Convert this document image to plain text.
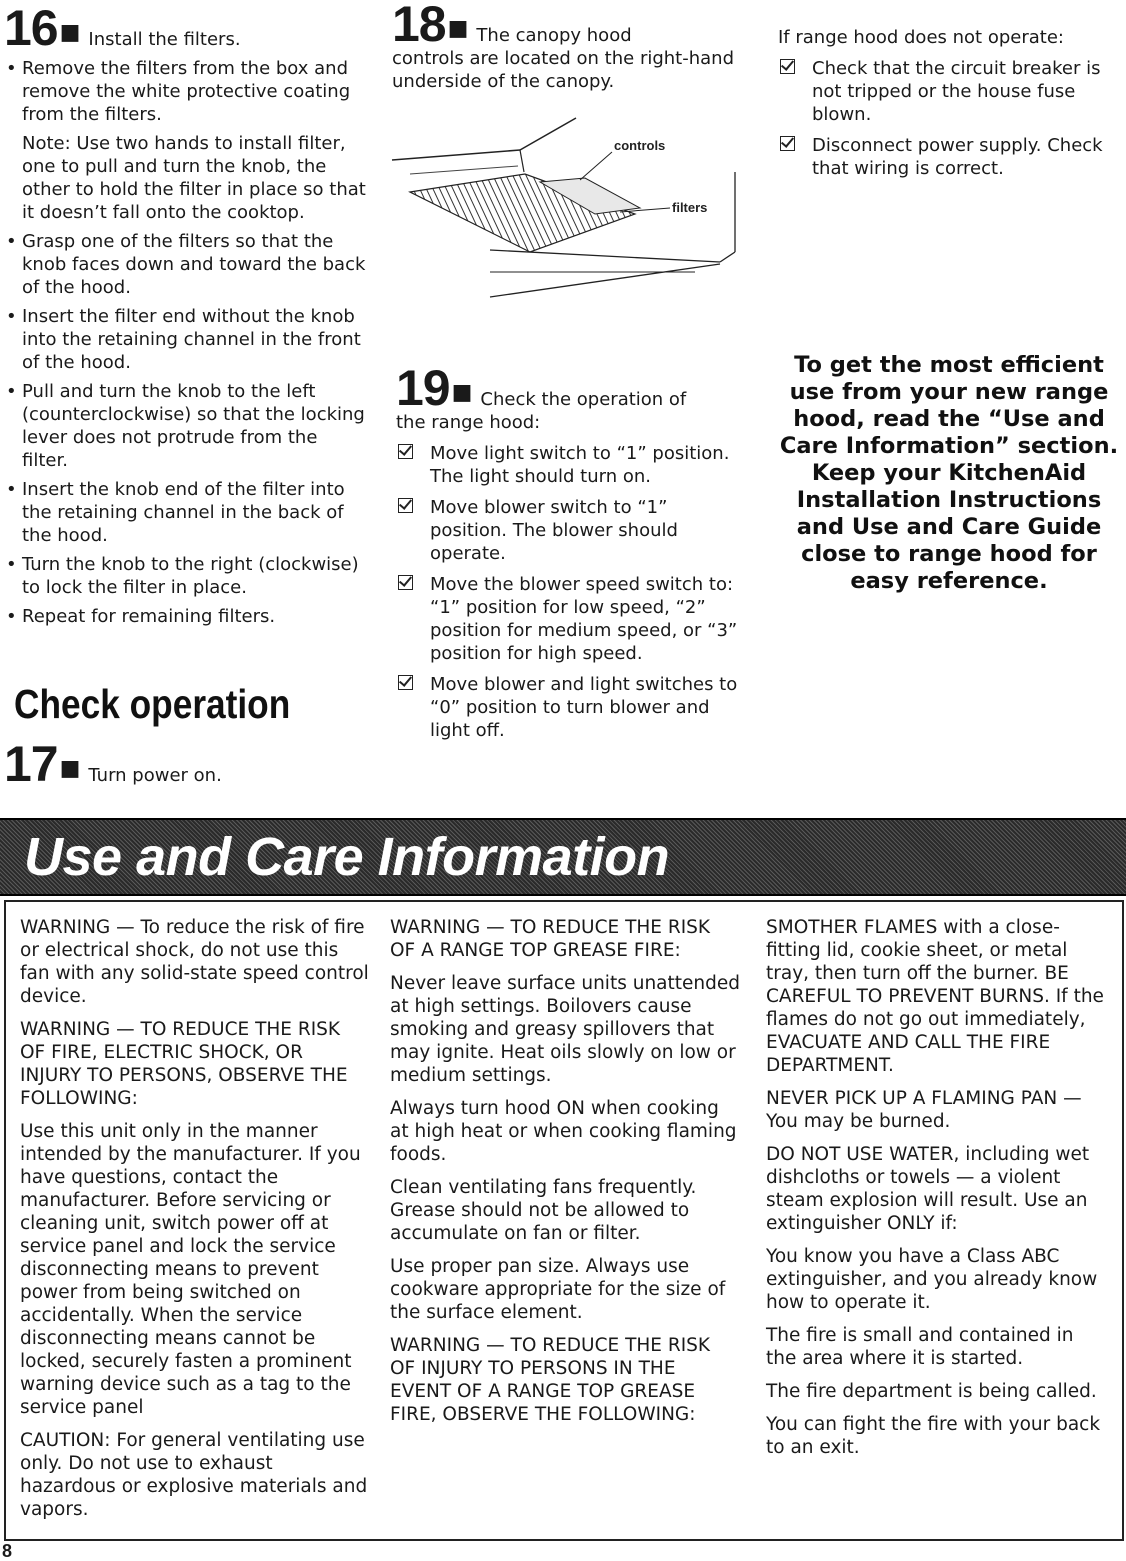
16■ Install the filters.
• Remove the filters from the box and remove the white protective coating from the filters.
Note: Use two hands to install filter, one to pull and turn the knob, the other to hold the filter in place so that it doesn’t fall onto the cooktop.
• Grasp one of the filters so that the knob faces down and toward the back of the hood.
• Insert the filter end without the knob into the retaining channel in the front of the hood.
• Pull and turn the knob to the left (counterclockwise) so that the locking lever does not protrude from the filter.
• Insert the knob end of the filter into the retaining channel in the back of the hood.
• Turn the knob to the right (clockwise) to lock the filter in place.
• Repeat for remaining filters.
Check operation
17■ Turn power on.
18■ The canopy hood
controls are located on the right-hand underside of the canopy.
controls
filters
19■ Check the operation of
the range hood:
Move light switch to “1” position. The light should turn on.
Move blower switch to “1” position. The blower should operate.
Move the blower speed switch to: “1” position for low speed, “2” position for medium speed, or “3” position for high speed.
Move blower and light switches to “0” position to turn blower and light off.
If range hood does not operate:
Check that the circuit breaker is not tripped or the house fuse blown.
Disconnect power supply. Check that wiring is correct.
To get the most efficient use from your new range hood, read the “Use and Care Information” section. Keep your KitchenAid Installation Instructions and Use and Care Guide close to range hood for easy reference.
Use and Care Information

WARNING — To reduce the risk of fire or electrical shock, do not use this fan with any solid-state speed control device.

WARNING — TO REDUCE THE RISK OF FIRE, ELECTRIC SHOCK, OR INJURY TO PERSONS, OBSERVE THE FOLLOWING:

Use this unit only in the manner intended by the manufacturer. If you have questions, contact the manufacturer. Before servicing or cleaning unit, switch power off at service panel and lock the service disconnecting means to prevent power from being switched on accidentally. When the service disconnecting means cannot be locked, securely fasten a prominent warning device such as a tag to the service panel

CAUTION: For general ventilating use only. Do not use to exhaust hazardous or explosive materials and vapors.

WARNING — TO REDUCE THE RISK OF A RANGE TOP GREASE FIRE:

Never leave surface units unattended at high settings. Boilovers cause smoking and greasy spillovers that may ignite. Heat oils slowly on low or medium settings.

Always turn hood ON when cooking at high heat or when cooking flaming foods.

Clean ventilating fans frequently. Grease should not be allowed to accumulate on fan or filter.

Use proper pan size. Always use cookware appropriate for the size of the surface element.

WARNING — TO REDUCE THE RISK OF INJURY TO PERSONS IN THE EVENT OF A RANGE TOP GREASE FIRE, OBSERVE THE FOLLOWING:

SMOTHER FLAMES with a close-fitting lid, cookie sheet, or metal tray, then turn off the burner. BE CAREFUL TO PREVENT BURNS. If the flames do not go out immediately, EVACUATE AND CALL THE FIRE DEPARTMENT.

NEVER PICK UP A FLAMING PAN — You may be burned.

DO NOT USE WATER, including wet dishcloths or towels — a violent steam explosion will result. Use an extinguisher ONLY if:

You know you have a Class ABC extinguisher, and you already know how to operate it.

The fire is small and contained in the area where it is started.

The fire department is being called.

You can fight the fire with your back to an exit.

8
